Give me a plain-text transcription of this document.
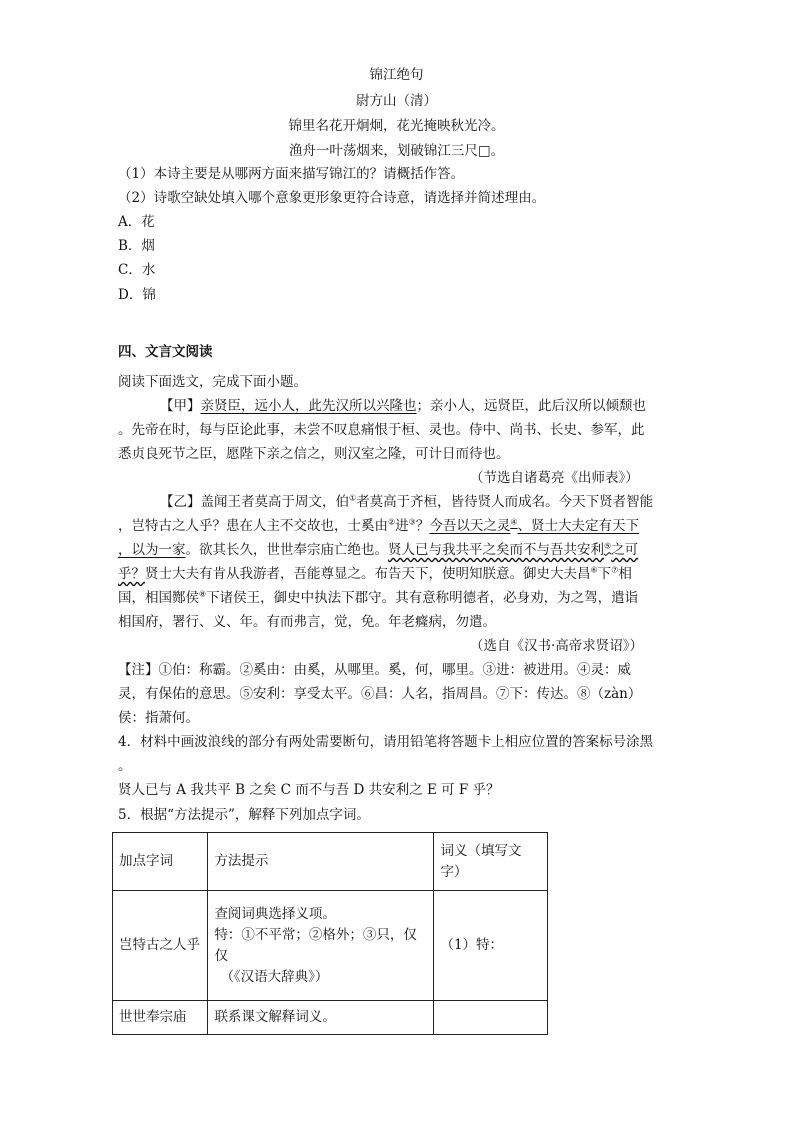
锦江绝句
尉方山（清）
锦里名花开炯炯，花光掩映秋光冷。
渔舟一叶荡烟来，划破锦江三尺□。
（1）本诗主要是从哪两方面来描写锦江的？请概括作答。
（2）诗歌空缺处填入哪个意象更形象更符合诗意，请选择并简述理由。
A．花
B．烟
C．水
D．锦
四、文言文阅读
阅读下面选文，完成下面小题。
【甲】亲贤臣，远小人，此先汉所以兴隆也；亲小人，远贤臣，此后汉所以倾颓也
。先帝在时，每与臣论此事，未尝不叹息痛恨于桓、灵也。侍中、尚书、长史、参军，此
悉贞良死节之臣，愿陛下亲之信之，则汉室之隆，可计日而待也。
（节选自诸葛亮《出师表》）
【乙】盖闻王者莫高于周文，伯①者莫高于齐桓，皆待贤人而成名。今天下贤者智能
，岂特古之人乎？患在人主不交故也，士奚由②进③？今吾以天之灵④、贤士大夫定有天下
，以为一家。欲其长久，世世奉宗庙亡绝也。贤人已与我共平之矣而不与吾共安利⑤之可
乎？贤士大夫有肯从我游者，吾能尊显之。布告天下，使明知朕意。御史大夫昌⑥下⑦相
国，相国酂侯⑧下诸侯王，御史中执法下郡守。其有意称明德者，必身劝，为之驾，遣诣
相国府，署行、义、年。有而弗言，觉，免。年老癃病，勿遣。
（选自《汉书·高帝求贤诏》）
【注】①伯：称霸。②奚由：由奚，从哪里。奚，何，哪里。③进：被进用。④灵：威
灵，有保佑的意思。⑤安利：享受太平。⑥昌：人名，指周昌。⑦下：传达。⑧（zàn）
侯：指萧何。
4．材料中画波浪线的部分有两处需要断句，请用铅笔将答题卡上相应位置的答案标号涂黑
。
贤人已与 A 我共平 B 之矣 C 而不与吾 D 共安利之 E 可 F 乎？
5．根据“方法提示”，解释下列加点字词。
加点字词	方法提示	词义（填写文字）
岂特古之人乎	查阅词典选择义项。
特：①不平常；②格外；③只，仅仅
（《汉语大辞典》）	（1）特：
世世奉宗庙	联系课文解释词义。	
